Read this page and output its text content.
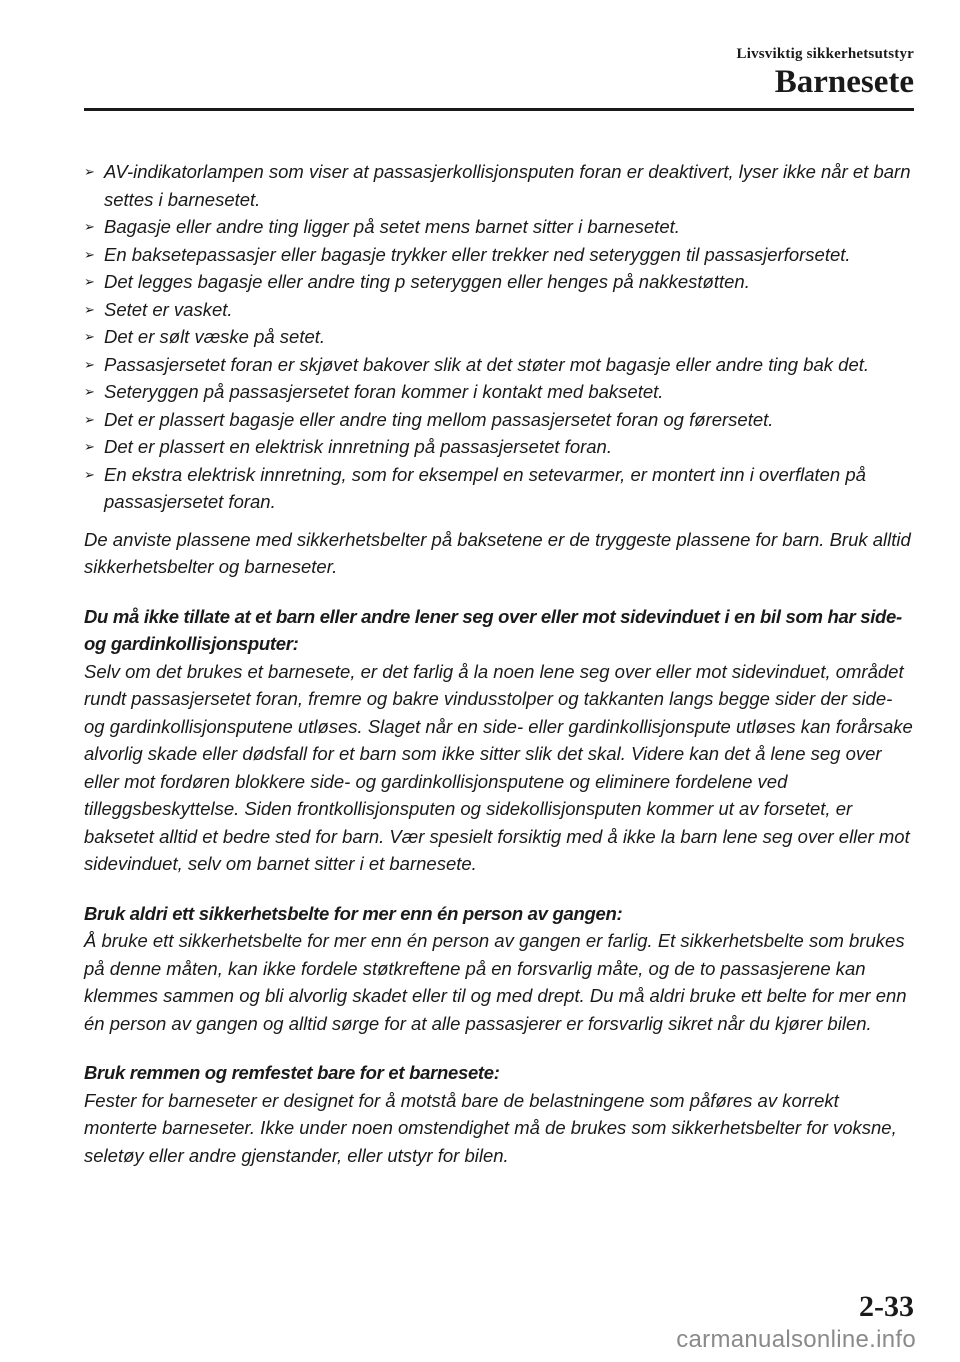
Livsviktig sikkerhetsutstyr
Barnesete
➢ AV-indikatorlampen som viser at passasjerkollisjonsputen foran er deaktivert, lyser ikke når et barn settes i barnesetet.
➢ Bagasje eller andre ting ligger på setet mens barnet sitter i barnesetet.
➢ En baksetepassasjer eller bagasje trykker eller trekker ned seteryggen til passasjerforsetet.
➢ Det legges bagasje eller andre ting p seteryggen eller henges på nakkestøtten.
➢ Setet er vasket.
➢ Det er sølt væske på setet.
➢ Passasjersetet foran er skjøvet bakover slik at det støter mot bagasje eller andre ting bak det.
➢ Seteryggen på passasjersetet foran kommer i kontakt med baksetet.
➢ Det er plassert bagasje eller andre ting mellom passasjersetet foran og førersetet.
➢ Det er plassert en elektrisk innretning på passasjersetet foran.
➢ En ekstra elektrisk innretning, som for eksempel en setevarmer, er montert inn i overflaten på passasjersetet foran.

De anviste plassene med sikkerhetsbelter på baksetene er de tryggeste plassene for barn. Bruk alltid sikkerhetsbelter og barneseter.

Du må ikke tillate at et barn eller andre lener seg over eller mot sidevinduet i en bil som har side- og gardinkollisjonsputer:

Selv om det brukes et barnesete, er det farlig å la noen lene seg over eller mot sidevinduet, området rundt passasjersetet foran, fremre og bakre vindusstolper og takkanten langs begge sider der side- og gardinkollisjonsputene utløses. Slaget når en side- eller gardinkollisjonspute utløses kan forårsake alvorlig skade eller dødsfall for et barn som ikke sitter slik det skal. Videre kan det å lene seg over eller mot fordøren blokkere side- og gardinkollisjonsputene og eliminere fordelene ved tilleggsbeskyttelse. Siden frontkollisjonsputen og sidekollisjonsputen kommer ut av forsetet, er baksetet alltid et bedre sted for barn. Vær spesielt forsiktig med å ikke la barn lene seg over eller mot sidevinduet, selv om barnet sitter i et barnesete.

Bruk aldri ett sikkerhetsbelte for mer enn én person av gangen:

Å bruke ett sikkerhetsbelte for mer enn én person av gangen er farlig. Et sikkerhetsbelte som brukes på denne måten, kan ikke fordele støtkreftene på en forsvarlig måte, og de to passasjerene kan klemmes sammen og bli alvorlig skadet eller til og med drept. Du må aldri bruke ett belte for mer enn én person av gangen og alltid sørge for at alle passasjerer er forsvarlig sikret når du kjører bilen.

Bruk remmen og remfestet bare for et barnesete:

Fester for barneseter er designet for å motstå bare de belastningene som påføres av korrekt monterte barneseter. Ikke under noen omstendighet må de brukes som sikkerhetsbelter for voksne, seletøy eller andre gjenstander, eller utstyr for bilen.

2-33
carmanualsonline.info
